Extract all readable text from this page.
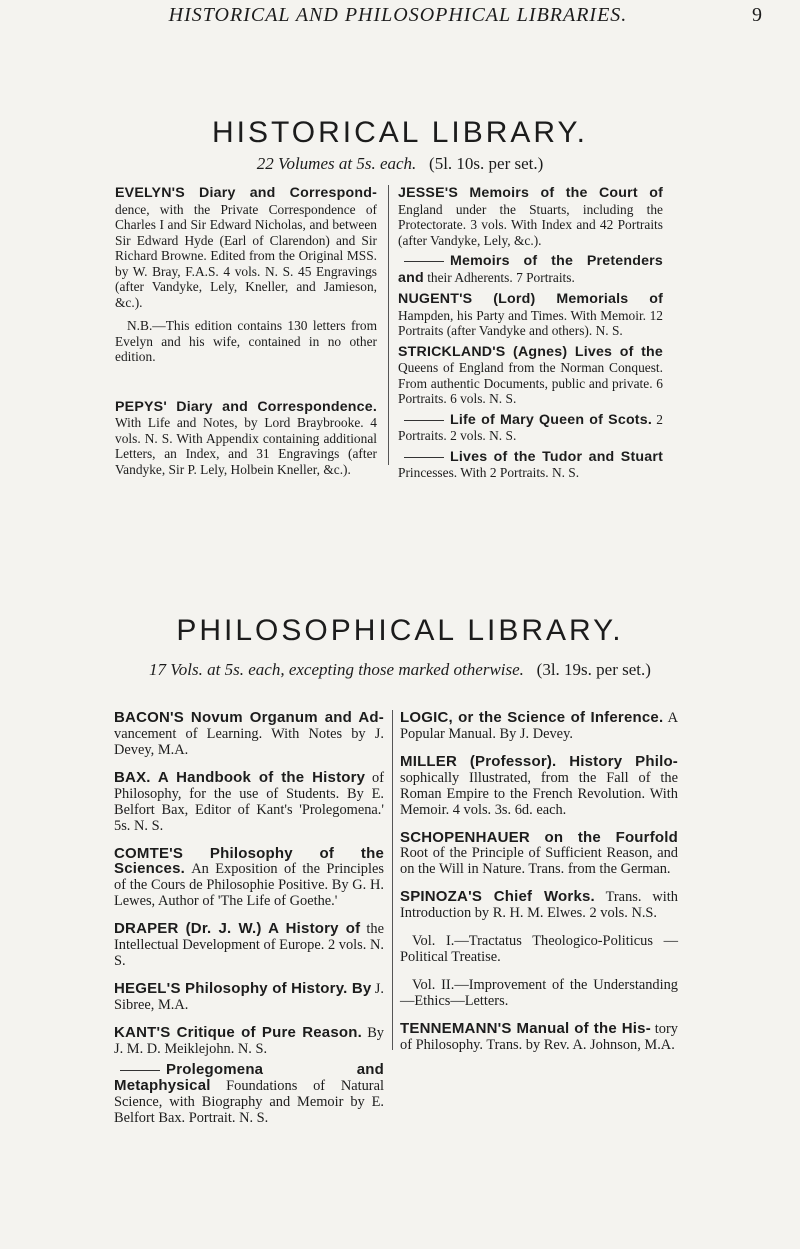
HISTORICAL AND PHILOSOPHICAL LIBRARIES.	9
HISTORICAL LIBRARY.
22 Volumes at 5s. each. (5l. 10s. per set.)
EVELYN'S Diary and Correspond- dence, with the Private Correspondence of Charles I and Sir Edward Nicholas, and between Sir Edward Hyde (Earl of Clarendon) and Sir Richard Browne. Edited from the Original MSS. by W. Bray, F.A.S. 4 vols. N. S. 45 Engravings (after Vandyke, Lely, Kneller, and Jamieson, &c.).
N.B.—This edition contains 130 letters from Evelyn and his wife, contained in no other edition.
PEPYS' Diary and Correspondence. With Life and Notes, by Lord Braybrooke. 4 vols. N. S. With Appendix containing additional Letters, an Index, and 31 Engravings (after Vandyke, Sir P. Lely, Holbein Kneller, &c.).
JESSE'S Memoirs of the Court of England under the Stuarts, including the Protectorate. 3 vols. With Index and 42 Portraits (after Vandyke, Lely, &c.).
Memoirs of the Pretenders and their Adherents. 7 Portraits.
NUGENT'S (Lord) Memorials of Hampden, his Party and Times. With Memoir. 12 Portraits (after Vandyke and others). N. S.
STRICKLAND'S (Agnes) Lives of the Queens of England from the Norman Conquest. From authentic Documents, public and private. 6 Portraits. 6 vols. N. S.
Life of Mary Queen of Scots. 2 Portraits. 2 vols. N. S.
Lives of the Tudor and Stuart Princesses. With 2 Portraits. N. S.
PHILOSOPHICAL LIBRARY.
17 Vols. at 5s. each, excepting those marked otherwise. (3l. 19s. per set.)
BACON'S Novum Organum and Ad- vancement of Learning. With Notes by J. Devey, M.A.
BAX. A Handbook of the History of Philosophy, for the use of Students. By E. Belfort Bax, Editor of Kant's 'Prolegomena.' 5s. N. S.
COMTE'S Philosophy of the Sciences. An Exposition of the Principles of the Cours de Philosophie Positive. By G. H. Lewes, Author of 'The Life of Goethe.'
DRAPER (Dr. J. W.) A History of the Intellectual Development of Europe. 2 vols. N. S.
HEGEL'S Philosophy of History. By J. Sibree, M.A.
KANT'S Critique of Pure Reason. By J. M. D. Meiklejohn. N. S.
Prolegomena and Metaphysical Foundations of Natural Science, with Biography and Memoir by E. Belfort Bax. Portrait. N. S.
LOGIC, or the Science of Inference. A Popular Manual. By J. Devey.
MILLER (Professor). History Philo- sophically Illustrated, from the Fall of the Roman Empire to the French Revolution. With Memoir. 4 vols. 3s. 6d. each.
SCHOPENHAUER on the Fourfold Root of the Principle of Sufficient Reason, and on the Will in Nature. Trans. from the German.
SPINOZA'S Chief Works. Trans. with Introduction by R. H. M. Elwes. 2 vols. N.S.
Vol. I.—Tractatus Theologico-Politicus —Political Treatise.
Vol. II.—Improvement of the Understanding—Ethics—Letters.
TENNEMANN'S Manual of the His- tory of Philosophy. Trans. by Rev. A. Johnson, M.A.
